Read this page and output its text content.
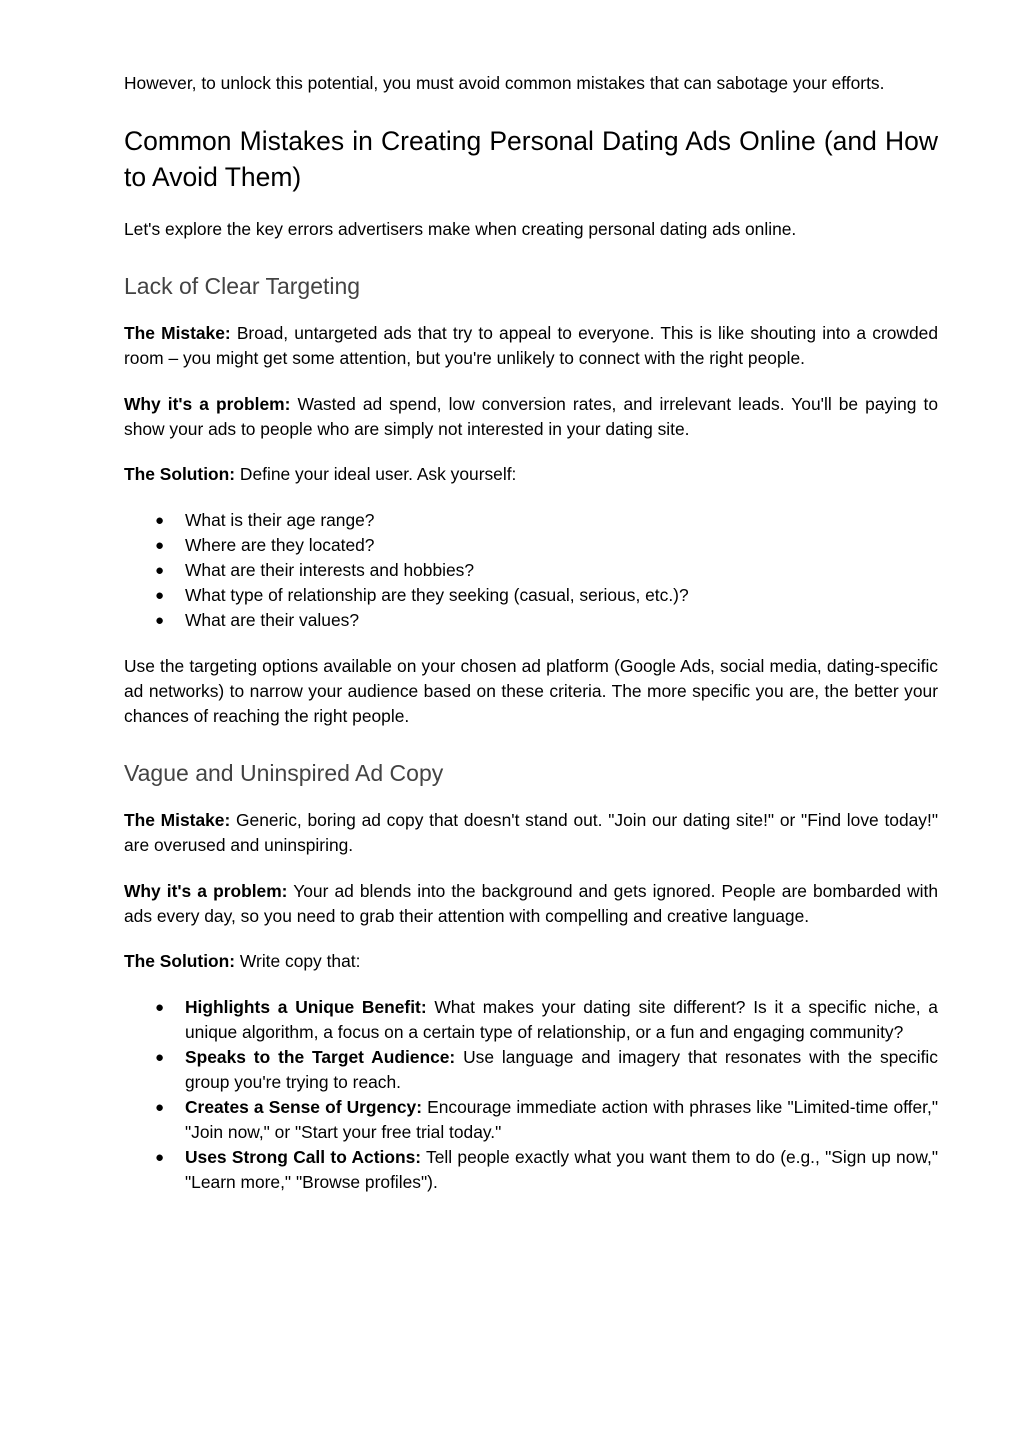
However, to unlock this potential, you must avoid common mistakes that can sabotage your efforts.

Common Mistakes in Creating Personal Dating Ads Online (and How to Avoid Them)

Let's explore the key errors advertisers make when creating personal dating ads online.

Lack of Clear Targeting

The Mistake: Broad, untargeted ads that try to appeal to everyone. This is like shouting into a crowded room – you might get some attention, but you're unlikely to connect with the right people.

Why it's a problem: Wasted ad spend, low conversion rates, and irrelevant leads. You'll be paying to show your ads to people who are simply not interested in your dating site.

The Solution: Define your ideal user. Ask yourself:

● What is their age range?
● Where are they located?
● What are their interests and hobbies?
● What type of relationship are they seeking (casual, serious, etc.)?
● What are their values?

Use the targeting options available on your chosen ad platform (Google Ads, social media, dating-specific ad networks) to narrow your audience based on these criteria. The more specific you are, the better your chances of reaching the right people.

Vague and Uninspired Ad Copy

The Mistake: Generic, boring ad copy that doesn't stand out. "Join our dating site!" or "Find love today!" are overused and uninspiring.

Why it's a problem: Your ad blends into the background and gets ignored. People are bombarded with ads every day, so you need to grab their attention with compelling and creative language.

The Solution: Write copy that:

● Highlights a Unique Benefit: What makes your dating site different? Is it a specific niche, a unique algorithm, a focus on a certain type of relationship, or a fun and engaging community?
● Speaks to the Target Audience: Use language and imagery that resonates with the specific group you're trying to reach.
● Creates a Sense of Urgency: Encourage immediate action with phrases like "Limited-time offer," "Join now," or "Start your free trial today."
● Uses Strong Call to Actions: Tell people exactly what you want them to do (e.g., "Sign up now," "Learn more," "Browse profiles").
